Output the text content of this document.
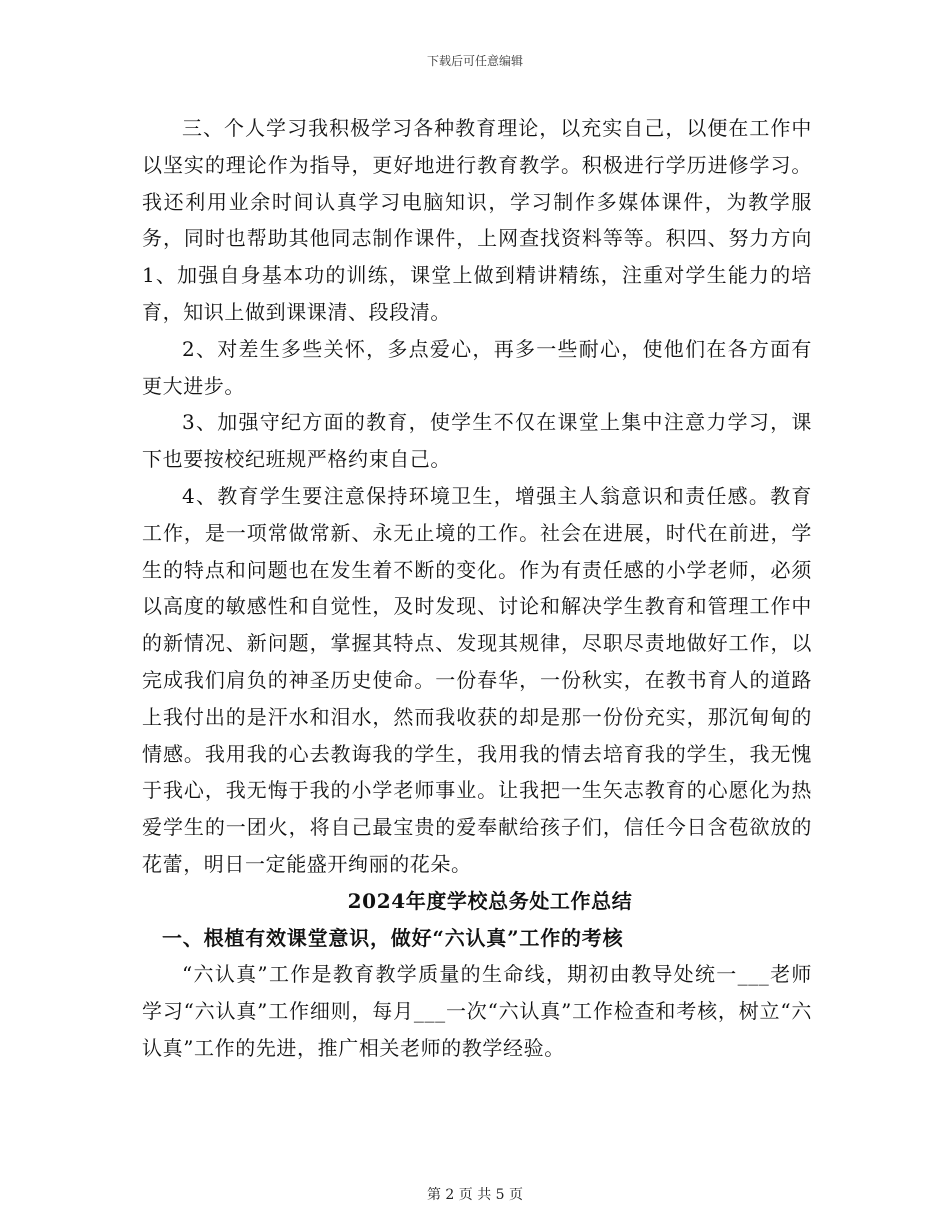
下载后可任意编辑

三、个人学习我积极学习各种教育理论，以充实自己，以便在工作中以坚实的理论作为指导，更好地进行教育教学。积极进行学历进修学习。我还利用业余时间认真学习电脑知识，学习制作多媒体课件，为教学服务，同时也帮助其他同志制作课件，上网查找资料等等。积四、努力方向1、加强自身基本功的训练，课堂上做到精讲精练，注重对学生能力的培育，知识上做到课课清、段段清。

2、对差生多些关怀，多点爱心，再多一些耐心，使他们在各方面有更大进步。

3、加强守纪方面的教育，使学生不仅在课堂上集中注意力学习，课下也要按校纪班规严格约束自己。

4、教育学生要注意保持环境卫生，增强主人翁意识和责任感。教育工作，是一项常做常新、永无止境的工作。社会在进展，时代在前进，学生的特点和问题也在发生着不断的变化。作为有责任感的小学老师，必须以高度的敏感性和自觉性，及时发现、讨论和解决学生教育和管理工作中的新情况、新问题，掌握其特点、发现其规律，尽职尽责地做好工作，以完成我们肩负的神圣历史使命。一份春华，一份秋实，在教书育人的道路上我付出的是汗水和泪水，然而我收获的却是那一份份充实，那沉甸甸的情感。我用我的心去教诲我的学生，我用我的情去培育我的学生，我无愧于我心，我无悔于我的小学老师事业。让我把一生矢志教育的心愿化为热爱学生的一团火，将自己最宝贵的爱奉献给孩子们，信任今日含苞欲放的花蕾，明日一定能盛开绚丽的花朵。

2024年度学校总务处工作总结

一、根植有效课堂意识，做好“六认真”工作的考核

“六认真”工作是教育教学质量的生命线，期初由教导处统一___老师学习“六认真”工作细则，每月___一次“六认真”工作检查和考核，树立“六认真”工作的先进，推广相关老师的教学经验。

第 2 页 共 5 页
